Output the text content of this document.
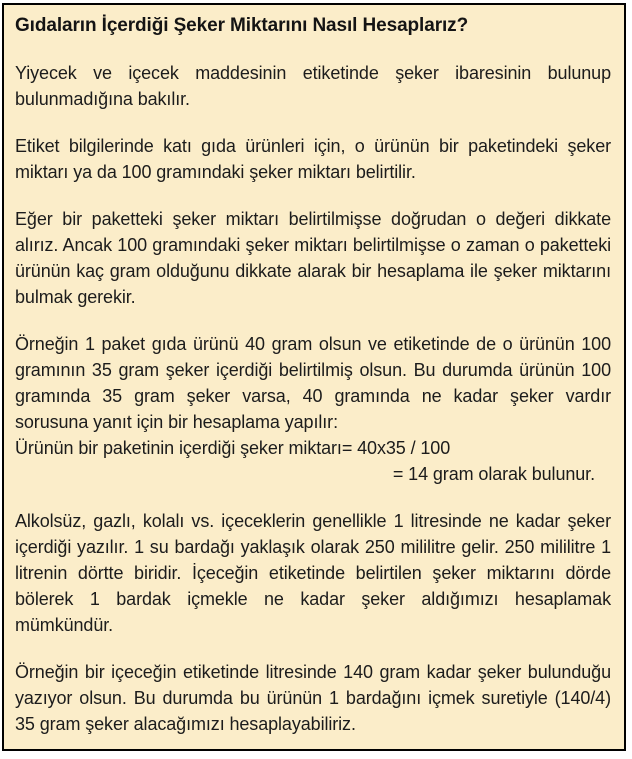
Gıdaların İçerdiği Şeker Miktarını Nasıl Hesaplarız?

Yiyecek ve içecek maddesinin etiketinde şeker ibaresinin bulunup bulunmadığına bakılır.

Etiket bilgilerinde katı gıda ürünleri için, o ürünün bir paketindeki şeker miktarı ya da 100 gramındaki şeker miktarı belirtilir.

Eğer bir paketteki şeker miktarı belirtilmişse doğrudan o değeri dikkate alırız. Ancak 100 gramındaki şeker miktarı belirtilmişse o zaman o paketteki ürünün kaç gram olduğunu dikkate alarak bir hesaplama ile şeker miktarını bulmak gerekir.

Örneğin 1 paket gıda ürünü 40 gram olsun ve etiketinde de o ürünün 100 gramının 35 gram şeker içerdiği belirtilmiş olsun. Bu durumda ürünün 100 gramında 35 gram şeker varsa, 40 gramında ne kadar şeker vardır sorusuna yanıt için bir hesaplama yapılır:

Ürünün bir paketinin içerdiği şeker miktarı= 40x35 / 100
= 14 gram olarak bulunur.

Alkolsüz, gazlı, kolalı vs. içeceklerin genellikle 1 litresinde ne kadar şeker içerdiği yazılır. 1 su bardağı yaklaşık olarak 250 mililitre gelir. 250 mililitre 1 litrenin dörtte biridir. İçeceğin etiketinde belirtilen şeker miktarını dörde bölerek 1 bardak içmekle ne kadar şeker aldığımızı hesaplamak mümkündür.

Örneğin bir içeceğin etiketinde litresinde 140 gram kadar şeker bulunduğu yazıyor olsun. Bu durumda bu ürünün 1 bardağını içmek suretiyle (140/4) 35 gram şeker alacağımızı hesaplayabiliriz.
